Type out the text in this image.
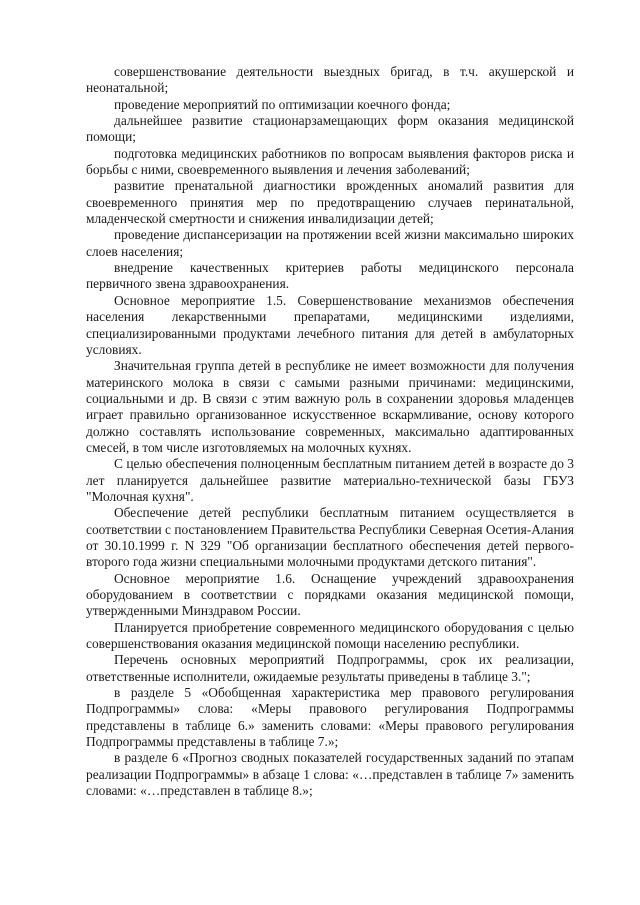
совершенствование деятельности выездных бригад, в т.ч. акушерской и неонатальной;

проведение мероприятий по оптимизации коечного фонда;

дальнейшее развитие стационарзамещающих форм оказания медицинской помощи;

подготовка медицинских работников по вопросам выявления факторов риска и борьбы с ними, своевременного выявления и лечения заболеваний;

развитие пренатальной диагностики врожденных аномалий развития для своевременного принятия мер по предотвращению случаев перинатальной, младенческой смертности и снижения инвалидизации детей;

проведение диспансеризации на протяжении всей жизни максимально широких слоев населения;

внедрение качественных критериев работы медицинского персонала первичного звена здравоохранения.

Основное мероприятие 1.5. Совершенствование механизмов обеспечения населения лекарственными препаратами, медицинскими изделиями, специализированными продуктами лечебного питания для детей в амбулаторных условиях.

Значительная группа детей в республике не имеет возможности для получения материнского молока в связи с самыми разными причинами: медицинскими, социальными и др. В связи с этим важную роль в сохранении здоровья младенцев играет правильно организованное искусственное вскармливание, основу которого должно составлять использование современных, максимально адаптированных смесей, в том числе изготовляемых на молочных кухнях.

С целью обеспечения полноценным бесплатным питанием детей в возрасте до 3 лет планируется дальнейшее развитие материально-технической базы ГБУЗ "Молочная кухня".

Обеспечение детей республики бесплатным питанием осуществляется в соответствии с постановлением Правительства Республики Северная Осетия-Алания от 30.10.1999 г. N 329 "Об организации бесплатного обеспечения детей первого-второго года жизни специальными молочными продуктами детского питания".

Основное мероприятие 1.6. Оснащение учреждений здравоохранения оборудованием в соответствии с порядками оказания медицинской помощи, утвержденными Минздравом России.

Планируется приобретение современного медицинского оборудования с целью совершенствования оказания медицинской помощи населению республики.

Перечень основных мероприятий Подпрограммы, срок их реализации, ответственные исполнители, ожидаемые результаты приведены в таблице 3.";

в разделе 5 «Обобщенная характеристика мер правового регулирования Подпрограммы» слова: «Меры правового регулирования Подпрограммы представлены в таблице 6.» заменить словами: «Меры правового регулирования Подпрограммы представлены в таблице 7.»;

в разделе 6 «Прогноз сводных показателей государственных заданий по этапам реализации Подпрограммы» в абзаце 1 слова: «…представлен в таблице 7» заменить словами: «…представлен в таблице 8.»;
